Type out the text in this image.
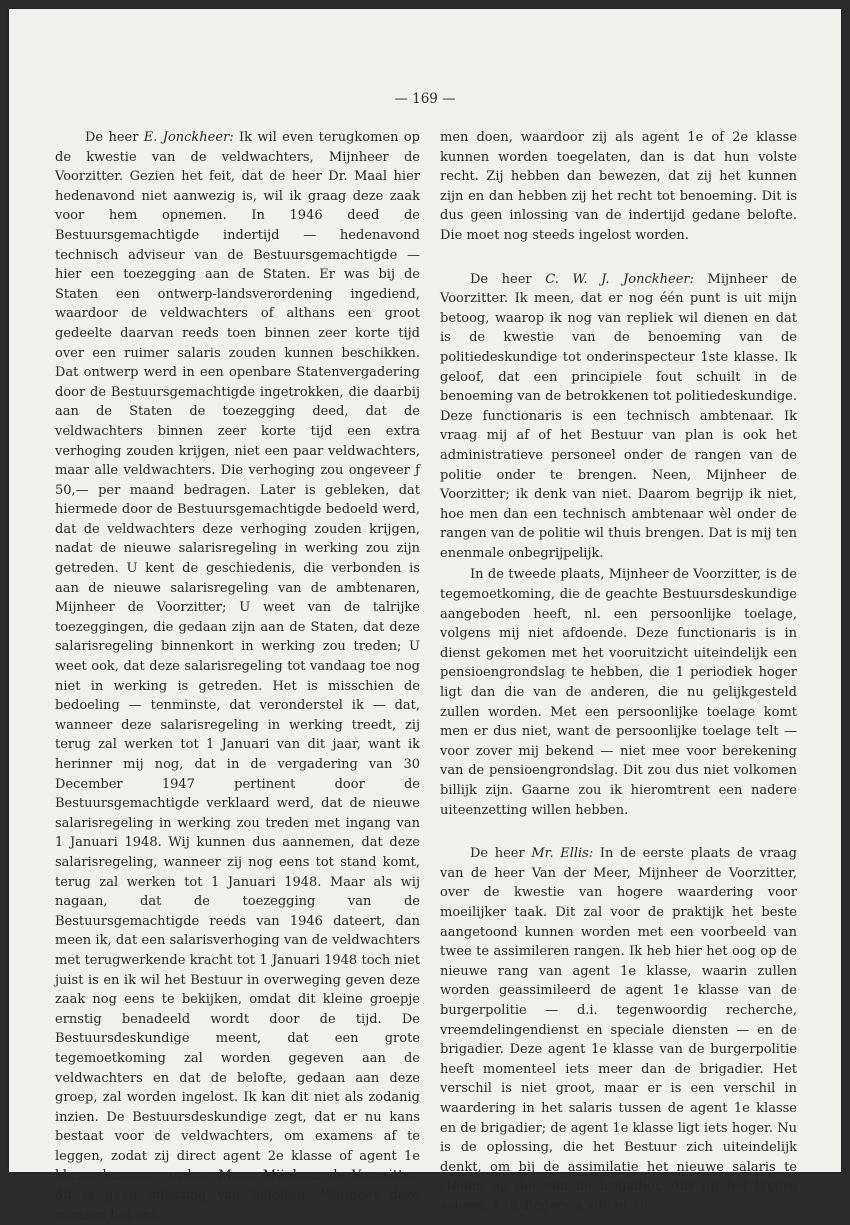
— 169 —

De heer E. Jonckheer: Ik wil even terugkomen op de kwestie van de veldwachters, Mijnheer de Voorzitter. Gezien het feit, dat de heer Dr. Maal hier hedenavond niet aanwezig is, wil ik graag deze zaak voor hem opnemen. In 1946 deed de Bestuursgemachtigde indertijd — hedenavond technisch adviseur van de Bestuursgemachtigde — hier een toezegging aan de Staten. Er was bij de Staten een ontwerp-landsverordening ingediend, waardoor de veldwachters of althans een groot gedeelte daarvan reeds toen binnen zeer korte tijd over een ruimer salaris zouden kunnen beschikken. Dat ontwerp werd in een openbare Statenvergadering door de Bestuursgemachtigde ingetrokken, die daarbij aan de Staten de toezegging deed, dat de veldwachters binnen zeer korte tijd een extra verhoging zouden krijgen, niet een paar veldwachters, maar alle veldwachters. Die verhoging zou ongeveer ƒ 50,— per maand bedragen. Later is gebleken, dat hiermede door de Bestuursgemachtigde bedoeld werd, dat de veldwachters deze verhoging zouden krijgen, nadat de nieuwe salarisregeling in werking zou zijn getreden. U kent de geschiedenis, die verbonden is aan de nieuwe salarisregeling van de ambtenaren, Mijnheer de Voorzitter; U weet van de talrijke toezeggingen, die gedaan zijn aan de Staten, dat deze salarisregeling binnenkort in werking zou treden; U weet ook, dat deze salarisregeling tot vandaag toe nog niet in werking is getreden. Het is misschien de bedoeling — tenminste, dat veronderstel ik — dat, wanneer deze salarisregeling in werking treedt, zij terug zal werken tot 1 Januari van dit jaar, want ik herinner mij nog, dat in de vergadering van 30 December 1947 pertinent door de Bestuursgemachtigde verklaard werd, dat de nieuwe salarisregeling in werking zou treden met ingang van 1 Januari 1948. Wij kunnen dus aannemen, dat deze salarisregeling, wanneer zij nog eens tot stand komt, terug zal werken tot 1 Januari 1948. Maar als wij nagaan, dat de toezegging van de Bestuursgemachtigde reeds van 1946 dateert, dan meen ik, dat een salarisverhoging van de veldwachters met terugwerkende kracht tot 1 Januari 1948 toch niet juist is en ik wil het Bestuur in overweging geven deze zaak nog eens te bekijken, omdat dit kleine groepje ernstig benadeeld wordt door de tijd. De Bestuursdeskundige meent, dat een grote tegemoetkoming zal worden gegeven aan de veldwachters en dat de belofte, gedaan aan deze groep, zal worden ingelost. Ik kan dit niet als zodanig inzien. De Bestuursdeskundige zegt, dat er nu kans bestaat voor de veldwachters, om examens af te leggen, zodat zij direct agent 2e klasse of agent 1e klasse kunnen worden. Maar, Mijnheer de Voorzitter, dit is geen inlossing van beloften. Wanneer deze mensen het exa-

men doen, waardoor zij als agent 1e of 2e klasse kunnen worden toegelaten, dan is dat hun volste recht. Zij hebben dan bewezen, dat zij het kunnen zijn en dan hebben zij het recht tot benoeming. Dit is dus geen inlossing van de indertijd gedane belofte. Die moet nog steeds ingelost worden.

De heer C. W. J. Jonckheer: Mijnheer de Voorzitter. Ik meen, dat er nog één punt is uit mijn betoog, waarop ik nog van repliek wil dienen en dat is de kwestie van de benoeming van de politiedeskundige tot onderinspecteur 1ste klasse. Ik geloof, dat een principiele fout schuilt in de benoeming van de betrokkenen tot politiedeskundige. Deze functionaris is een technisch ambtenaar. Ik vraag mij af of het Bestuur van plan is ook het administratieve personeel onder de rangen van de politie onder te brengen. Neen, Mijnheer de Voorzitter; ik denk van niet. Daarom begrijp ik niet, hoe men dan een technisch ambtenaar wèl onder de rangen van de politie wil thuis brengen. Dat is mij ten enenmale onbegrijpelijk.

In de tweede plaats, Mijnheer de Voorzitter, is de tegemoetkoming, die de geachte Bestuursdeskundige aangeboden heeft, nl. een persoonlijke toelage, volgens mij niet afdoende. Deze functionaris is in dienst gekomen met het vooruitzicht uiteindelijk een pensioengrondslag te hebben, die 1 periodiek hoger ligt dan die van de anderen, die nu gelijkgesteld zullen worden. Met een persoonlijke toelage komt men er dus niet, want de persoonlijke toelage telt — voor zover mij bekend — niet mee voor berekening van de pensioengrondslag. Dit zou dus niet volkomen billijk zijn. Gaarne zou ik hieromtrent een nadere uiteenzetting willen hebben.

De heer Mr. Ellis: In de eerste plaats de vraag van de heer Van der Meer, Mijnheer de Voorzitter, over de kwestie van hogere waardering voor moeilijker taak. Dit zal voor de praktijk het beste aangetoond kunnen worden met een voorbeeld van twee te assimileren rangen. Ik heb hier het oog op de nieuwe rang van agent 1e klasse, waarin zullen worden geassimileerd de agent 1e klasse van de burgerpolitie — d.i. tegenwoordig recherche, vreemdelingendienst en speciale diensten — en de brigadier. Deze agent 1e klasse van de burgerpolitie heeft momenteel iets meer dan de brigadier. Het verschil is niet groot, maar er is een verschil in waardering in het salaris tussen de agent 1e klasse en de brigadier; de agent 1e klasse ligt iets hoger. Nu is de oplossing, die het Bestuur zich uiteindelijk denkt, om bij de assimilatie het nieuwe salaris te stellen op dat van de brigadier, dus op het lagere salaris. Aan diegenen, die in dit
